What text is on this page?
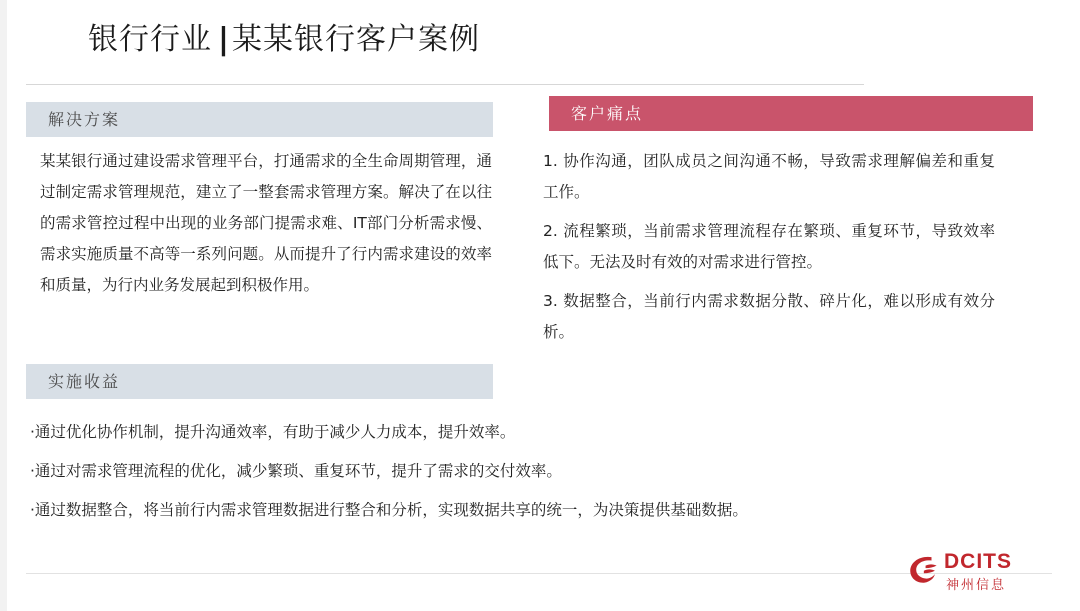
银行行业 |某某银行客户案例
解决方案
某某银行通过建设需求管理平台，打通需求的全生命周期管理，通过制定需求管理规范，建立了一整套需求管理方案。解决了在以往的需求管控过程中出现的业务部门提需求难、IT部门分析需求慢、需求实施质量不高等一系列问题。从而提升了行内需求建设的效率和质量，为行内业务发展起到积极作用。
客户痛点
1. 协作沟通，团队成员之间沟通不畅，导致需求理解偏差和重复工作。
2. 流程繁琐，当前需求管理流程存在繁琐、重复环节，导致效率低下。无法及时有效的对需求进行管控。
3. 数据整合，当前行内需求数据分散、碎片化，难以形成有效分析。
实施收益
·通过优化协作机制，提升沟通效率，有助于减少人力成本，提升效率。
·通过对需求管理流程的优化，减少繁琐、重复环节，提升了需求的交付效率。
·通过数据整合，将当前行内需求管理数据进行整合和分析，实现数据共享的统一，为决策提供基础数据。
DCITS
神州信息
